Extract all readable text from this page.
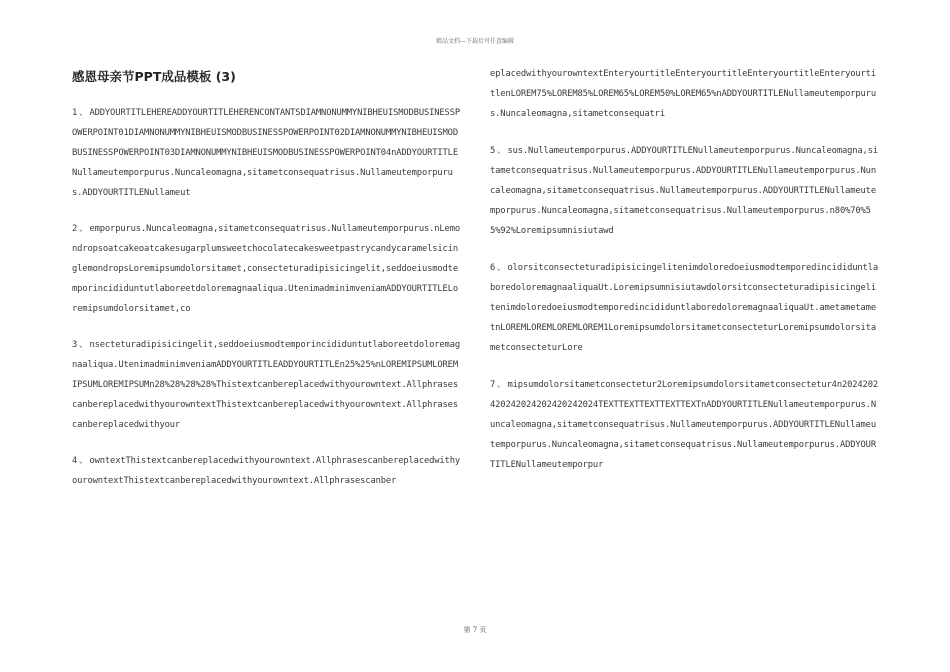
精品文档---下载后可任意编辑
感恩母亲节PPT成品模板 (3)

1、ADDYOURTITLEHEREADDYOURTITLEHERENCONTANTSDIAMNONUMMYNIBHEUISMODBUSINESSPOWERPOINT01DIAMNONUMMYNIBHEUISMODBUSINESSPOWERPOINT02DIAMNONUMMYNIBHEUISMODBUSINESSPOWERPOINT03DIAMNONUMMYNIBHEUISMODBUSINESSPOWERPOINT04nADDYOURTITLENullameutemporpurus.Nuncaleomagna,sitametconsequatrisus.Nullameutemporpurus.ADDYOURTITLENullameut

2、emporpurus.Nuncaleomagna,sitametconsequatrisus.Nullameutemporpurus.nLemondropsoatcakeoatcakesugarplumsweetchocolatecakesweetpastrycandycaramelsicinglemondropsLoremipsumdolorsitamet,consecteturadipisicingelit,seddoeiusmodtemporincididuntutlaboreetdoloremagnaaliqua.UtenimadminimveniamADDYOURTITLELoremipsumdolorsitamet,co

3、nsecteturadipisicingelit,seddoeiusmodtemporincididuntutlaboreetdoloremagnaaliqua.UtenimadminimveniamADDYOURTITLEADDYOURTITLEn25%25%nLOREMIPSUMLOREMIPSUMLOREMIPSUMn28%28%28%28%Thistextcanbereplacedwithyourowntext.AllphrasescanbereplacedwithyourowntextThistextcanbereplacedwithyourowntext.Allphrasescanbereplacedwithyour

4、owntextThistextcanbereplacedwithyourowntext.AllphrasescanbereplacedwithyourowntextThistextcanbereplacedwithyourowntext.Allphrasescanber

eplacedwithyourowntextEnteryourtitleEnteryourtitleEnteryourtitleEnteryourtitlenLOREM75%LOREM85%LOREM65%LOREM50%LOREM65%nADDYOURTITLENullameutemporpurus.Nuncaleomagna,sitametconsequatri

5、sus.Nullameutemporpurus.ADDYOURTITLENullameutemporpurus.Nuncaleomagna,sitametconsequatrisus.Nullameutemporpurus.ADDYOURTITLENullameutemporpurus.Nuncaleomagna,sitametconsequatrisus.Nullameutemporpurus.ADDYOURTITLENullameutemporpurus.Nuncaleomagna,sitametconsequatrisus.Nullameutemporpurus.n80%70%55%92%Loremipsumnisiutawd

6、olorsitconsecteturadipisicingelitenimdoloredoeiusmodtemporedincididuntlaboredoloremagnaaliquaUt.LoremipsumnisiutawdolorsitconsecteturadipisicingelitenimdoloredoeiusmodtemporedincididuntlaboredoloremagnaaliquaUt.ametametametnLOREMLOREMLOREMLOREM1LoremipsumdolorsitametconsecteturLoremipsumdolorsitametconsecteturLore

7、mipsumdolorsitametconsectetur2Loremipsumdolorsitametconsectetur4n2024202420242024202420242024TEXTTEXTTEXTTEXTTEXTnADDYOURTITLENullameutemporpurus.Nuncaleomagna,sitametconsequatrisus.Nullameutemporpurus.ADDYOURTITLENullameutemporpurus.Nuncaleomagna,sitametconsequatrisus.Nullameutemporpurus.ADDYOURTITLENullameutemporpur

第 7 页
